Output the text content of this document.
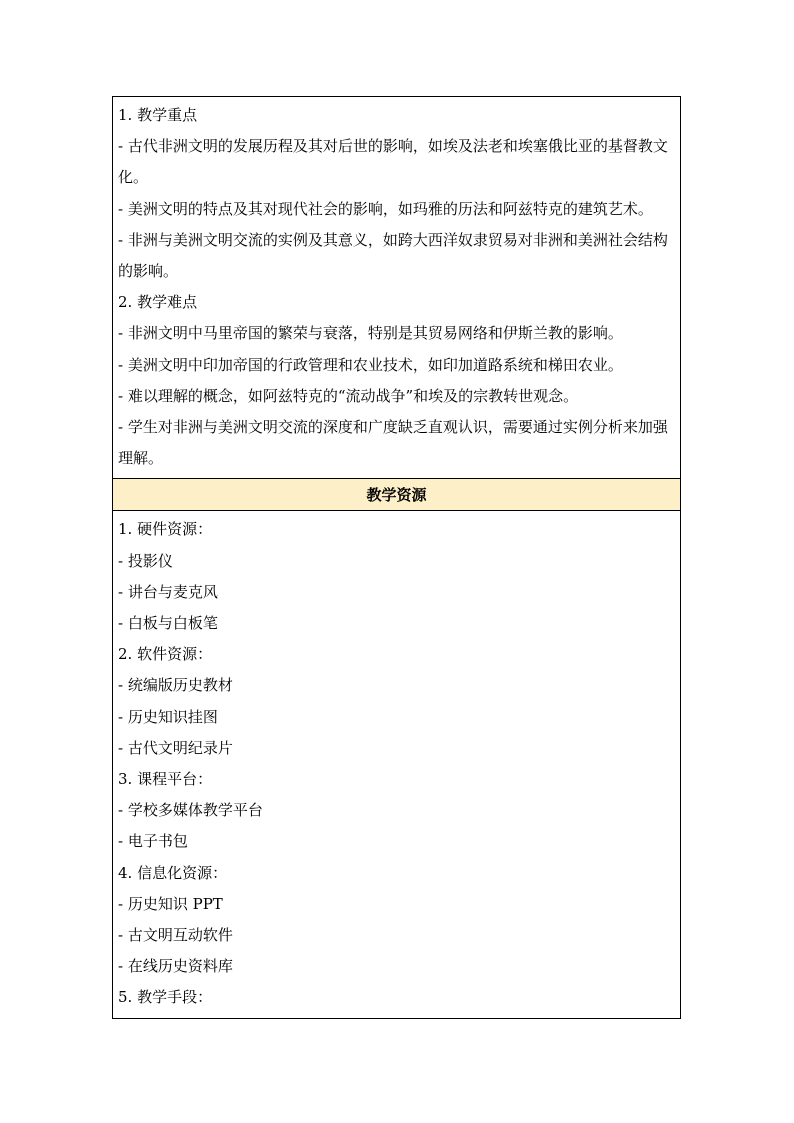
1. 教学重点
- 古代非洲文明的发展历程及其对后世的影响，如埃及法老和埃塞俄比亚的基督教文化。
- 美洲文明的特点及其对现代社会的影响，如玛雅的历法和阿兹特克的建筑艺术。
- 非洲与美洲文明交流的实例及其意义，如跨大西洋奴隶贸易对非洲和美洲社会结构的影响。
2. 教学难点
- 非洲文明中马里帝国的繁荣与衰落，特别是其贸易网络和伊斯兰教的影响。
- 美洲文明中印加帝国的行政管理和农业技术，如印加道路系统和梯田农业。
- 难以理解的概念，如阿兹特克的“流动战争”和埃及的宗教转世观念。
- 学生对非洲与美洲文明交流的深度和广度缺乏直观认识，需要通过实例分析来加强理解。
教学资源
1. 硬件资源：
- 投影仪
- 讲台与麦克风
- 白板与白板笔
2. 软件资源：
- 统编版历史教材
- 历史知识挂图
- 古代文明纪录片
3. 课程平台：
- 学校多媒体教学平台
- 电子书包
4. 信息化资源：
- 历史知识 PPT
- 古文明互动软件
- 在线历史资料库
5. 教学手段：
